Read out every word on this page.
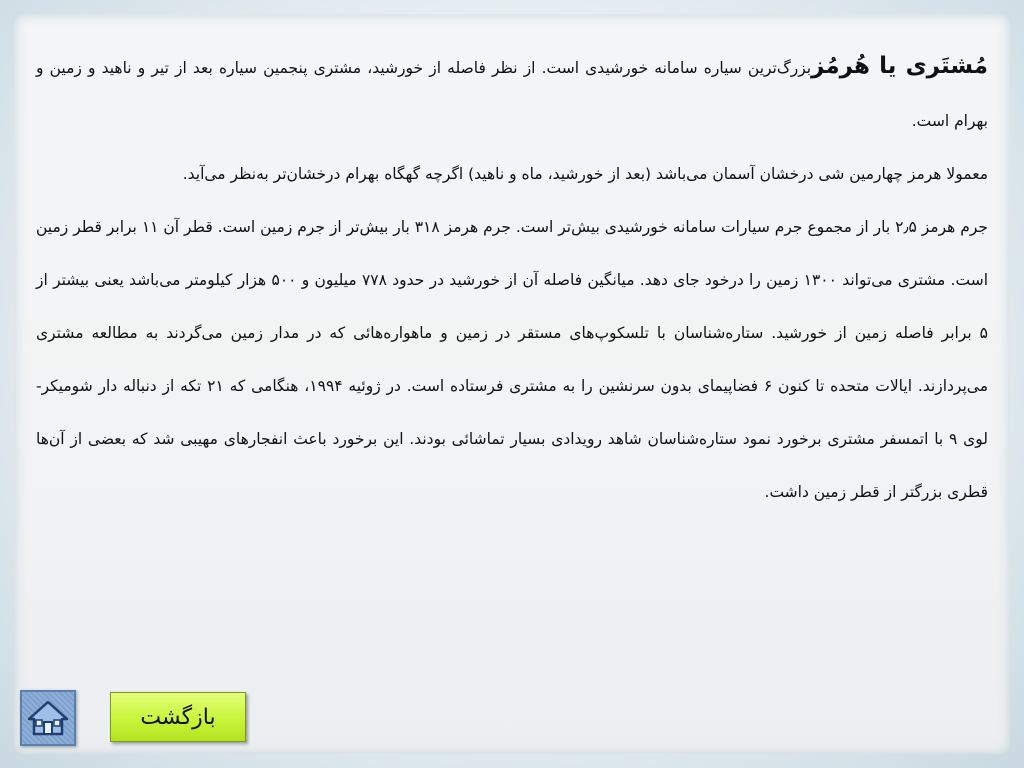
مُشتَری یا هُرمُزبزرگ‌ترین سیاره سامانه خورشیدی است. از نظر فاصله از خورشید، مشتری پنجمین سیاره بعد از تیر و ناهید و زمین و بهرام است.

معمولا هرمز چهارمین شی درخشان آسمان می‌باشد (بعد از خورشید، ماه و ناهید) اگرچه گهگاه بهرام درخشان‌تر به‌نظر می‌آید.

جرم هرمز ۲٫۵ بار از مجموع جرم سیارات سامانه خورشیدی بیش‌تر است. جرم هرمز ۳۱۸ بار بیش‌تر از جرم زمین است. قطر آن ۱۱ برابر قطر زمین است. مشتری می‌تواند ۱۳۰۰ زمین را درخود جای دهد. میانگین فاصله آن از خورشید در حدود ۷۷۸ میلیون و ۵۰۰ هزار کیلومتر می‌باشد یعنی بیشتر از ۵ برابر فاصله زمین از خورشید. ستاره‌شناسان با تلسکوپ‌های مستقر در زمین و ماهواره‌هائی که در مدار زمین می‌گردند به مطالعه مشتری می‌پردازند. ایالات متحده تا کنون ۶ فضاپیمای بدون سرنشین را به مشتری فرستاده است. در ژوئیه ۱۹۹۴، هنگامی که ۲۱ تکه از دنباله دار شومیکر-لوی ۹ با اتمسفر مشتری برخورد نمود ستاره‌شناسان شاهد رویدادی بسیار تماشائی بودند. این برخورد باعث انفجارهای مهیبی شد که بعضی از آن‌ها قطری بزرگتر از قطر زمین داشت.

بازگشت
